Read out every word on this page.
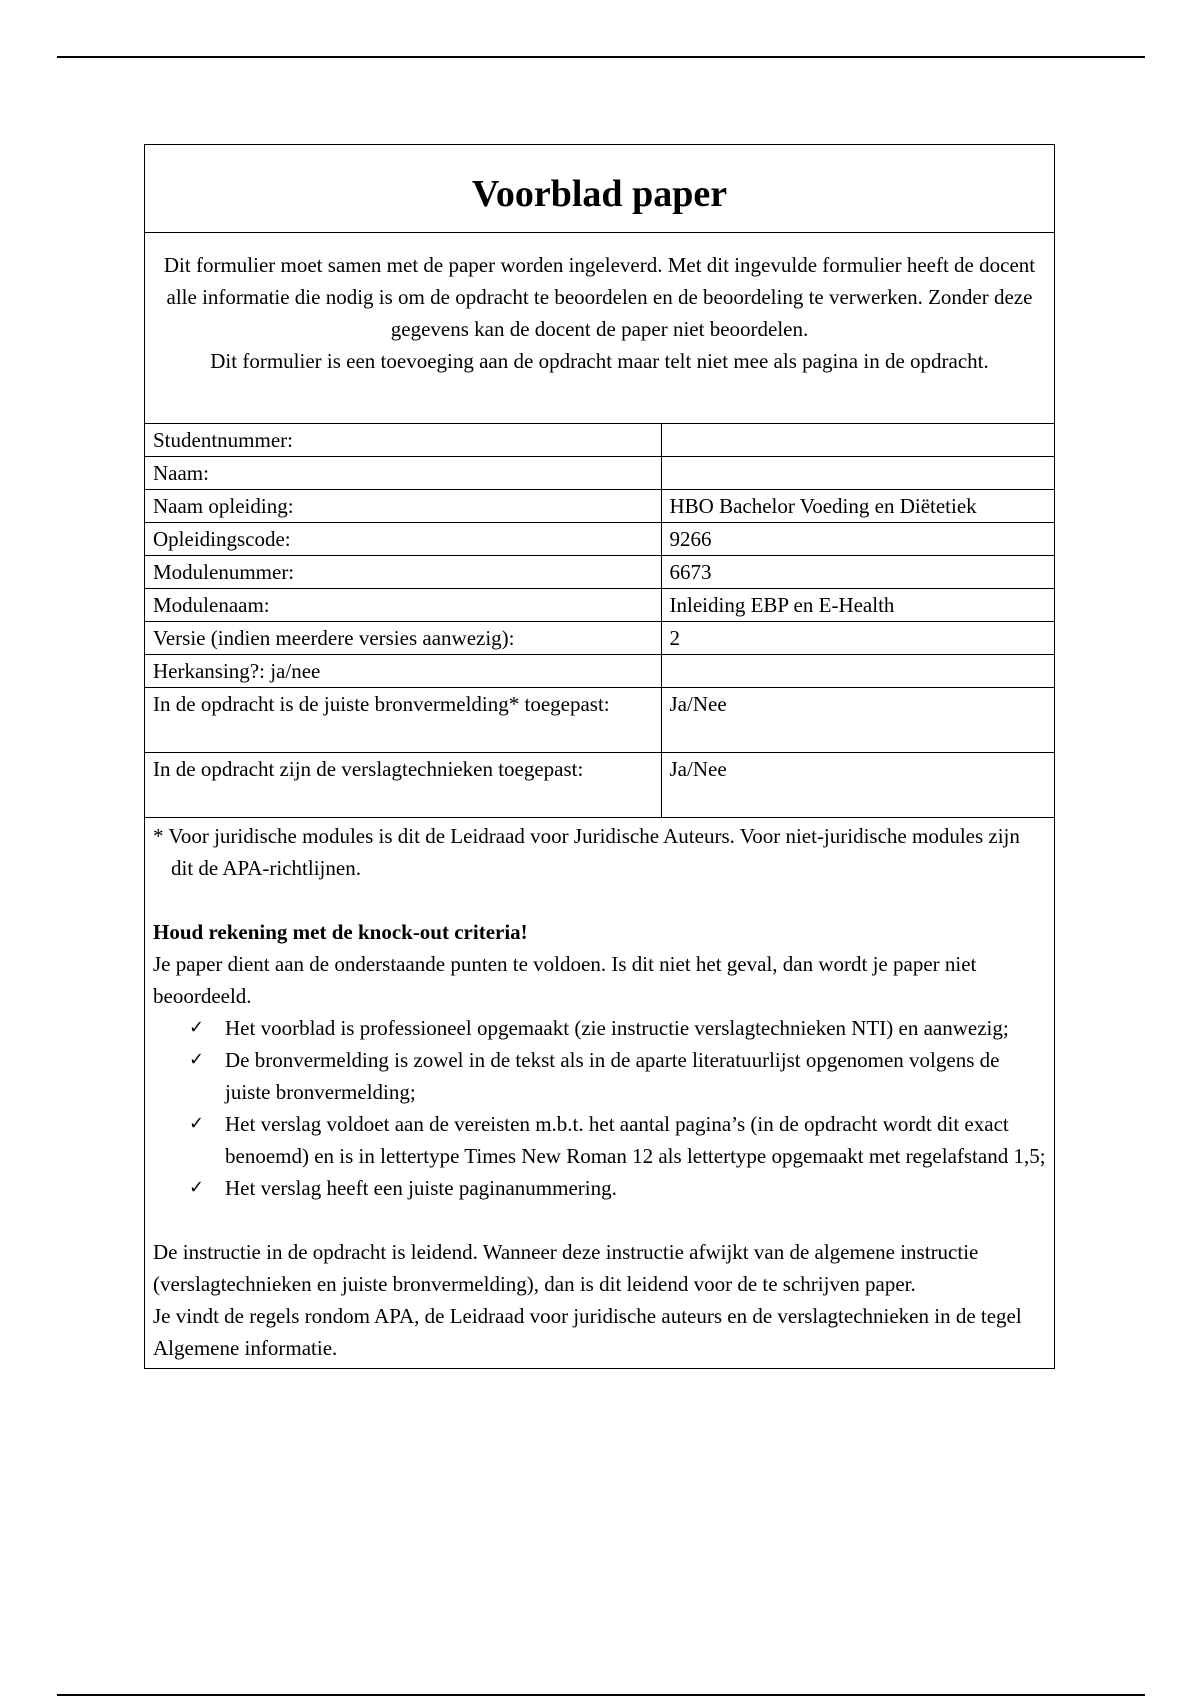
Voorblad paper

Dit formulier moet samen met de paper worden ingeleverd. Met dit ingevulde formulier heeft de docent alle informatie die nodig is om de opdracht te beoordelen en de beoordeling te verwerken. Zonder deze gegevens kan de docent de paper niet beoordelen.

Dit formulier is een toevoeging aan de opdracht maar telt niet mee als pagina in de opdracht.

Studentnummer:	
Naam:	
Naam opleiding:	HBO Bachelor Voeding en Diëtetiek
Opleidingscode:	9266
Modulenummer:	6673
Modulenaam:	Inleiding EBP en E-Health
Versie (indien meerdere versies aanwezig):	2
Herkansing?: ja/nee	
In de opdracht is de juiste bronvermelding* toegepast:	Ja/Nee
In de opdracht zijn de verslagtechnieken toegepast:	Ja/Nee

* Voor juridische modules is dit de Leidraad voor Juridische Auteurs. Voor niet-juridische modules zijn dit de APA-richtlijnen.

Houd rekening met de knock-out criteria!

Je paper dient aan de onderstaande punten te voldoen. Is dit niet het geval, dan wordt je paper niet beoordeeld.

✓ Het voorblad is professioneel opgemaakt (zie instructie verslagtechnieken NTI) en aanwezig;
✓ De bronvermelding is zowel in de tekst als in de aparte literatuurlijst opgenomen volgens de juiste bronvermelding;
✓ Het verslag voldoet aan de vereisten m.b.t. het aantal pagina’s (in de opdracht wordt dit exact benoemd) en is in lettertype Times New Roman 12 als lettertype opgemaakt met regelafstand 1,5;
✓ Het verslag heeft een juiste paginanummering.

De instructie in de opdracht is leidend. Wanneer deze instructie afwijkt van de algemene instructie (verslagtechnieken en juiste bronvermelding), dan is dit leidend voor de te schrijven paper.

Je vindt de regels rondom APA, de Leidraad voor juridische auteurs en de verslagtechnieken in de tegel Algemene informatie.
